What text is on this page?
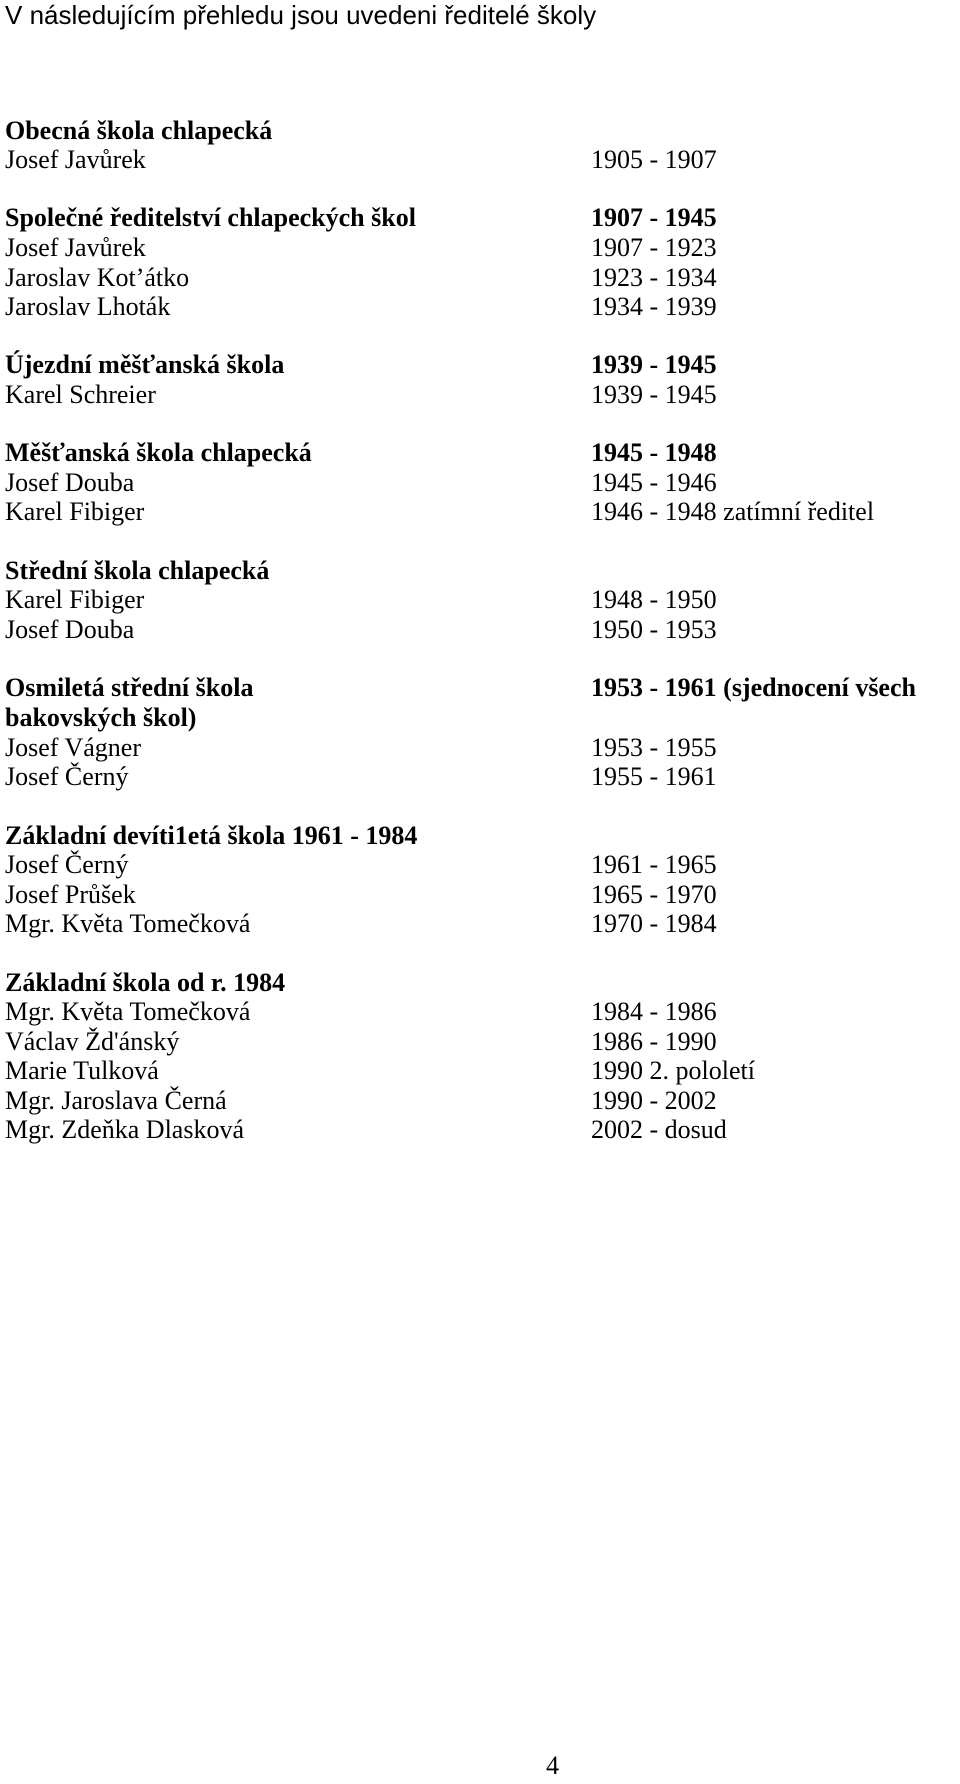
V následujícím přehledu jsou uvedeni ředitelé školy
Obecná škola chlapecká
Josef Javůrek	1905 - 1907
Společné ředitelství chlapeckých škol	1907 - 1945
Josef Javůrek	1907 - 1923
Jaroslav Kot’átko	1923 - 1934
Jaroslav Lhoták	1934 - 1939
Újezdní měšťanská škola	1939 - 1945
Karel Schreier	1939 - 1945
Měšťanská škola chlapecká	1945 - 1948
Josef Douba	1945 - 1946
Karel Fibiger	1946 - 1948 zatímní ředitel
Střední škola chlapecká
Karel Fibiger	1948 - 1950
Josef Douba	1950 - 1953
Osmiletá střední škola	1953 - 1961 (sjednocení všech
bakovských škol)
Josef Vágner	1953 - 1955
Josef Černý	1955 - 1961
Základní devíti1etá škola 1961 - 1984
Josef Černý	1961 - 1965
Josef Průšek	1965 - 1970
Mgr. Květa Tomečková	1970 - 1984
Základní škola od r. 1984
Mgr. Květa Tomečková	1984 - 1986
Václav Žd'ánský	1986 - 1990
Marie Tulková	1990 2. pololetí
Mgr. Jaroslava Černá	1990 - 2002
Mgr. Zdeňka Dlasková	2002 - dosud
4
